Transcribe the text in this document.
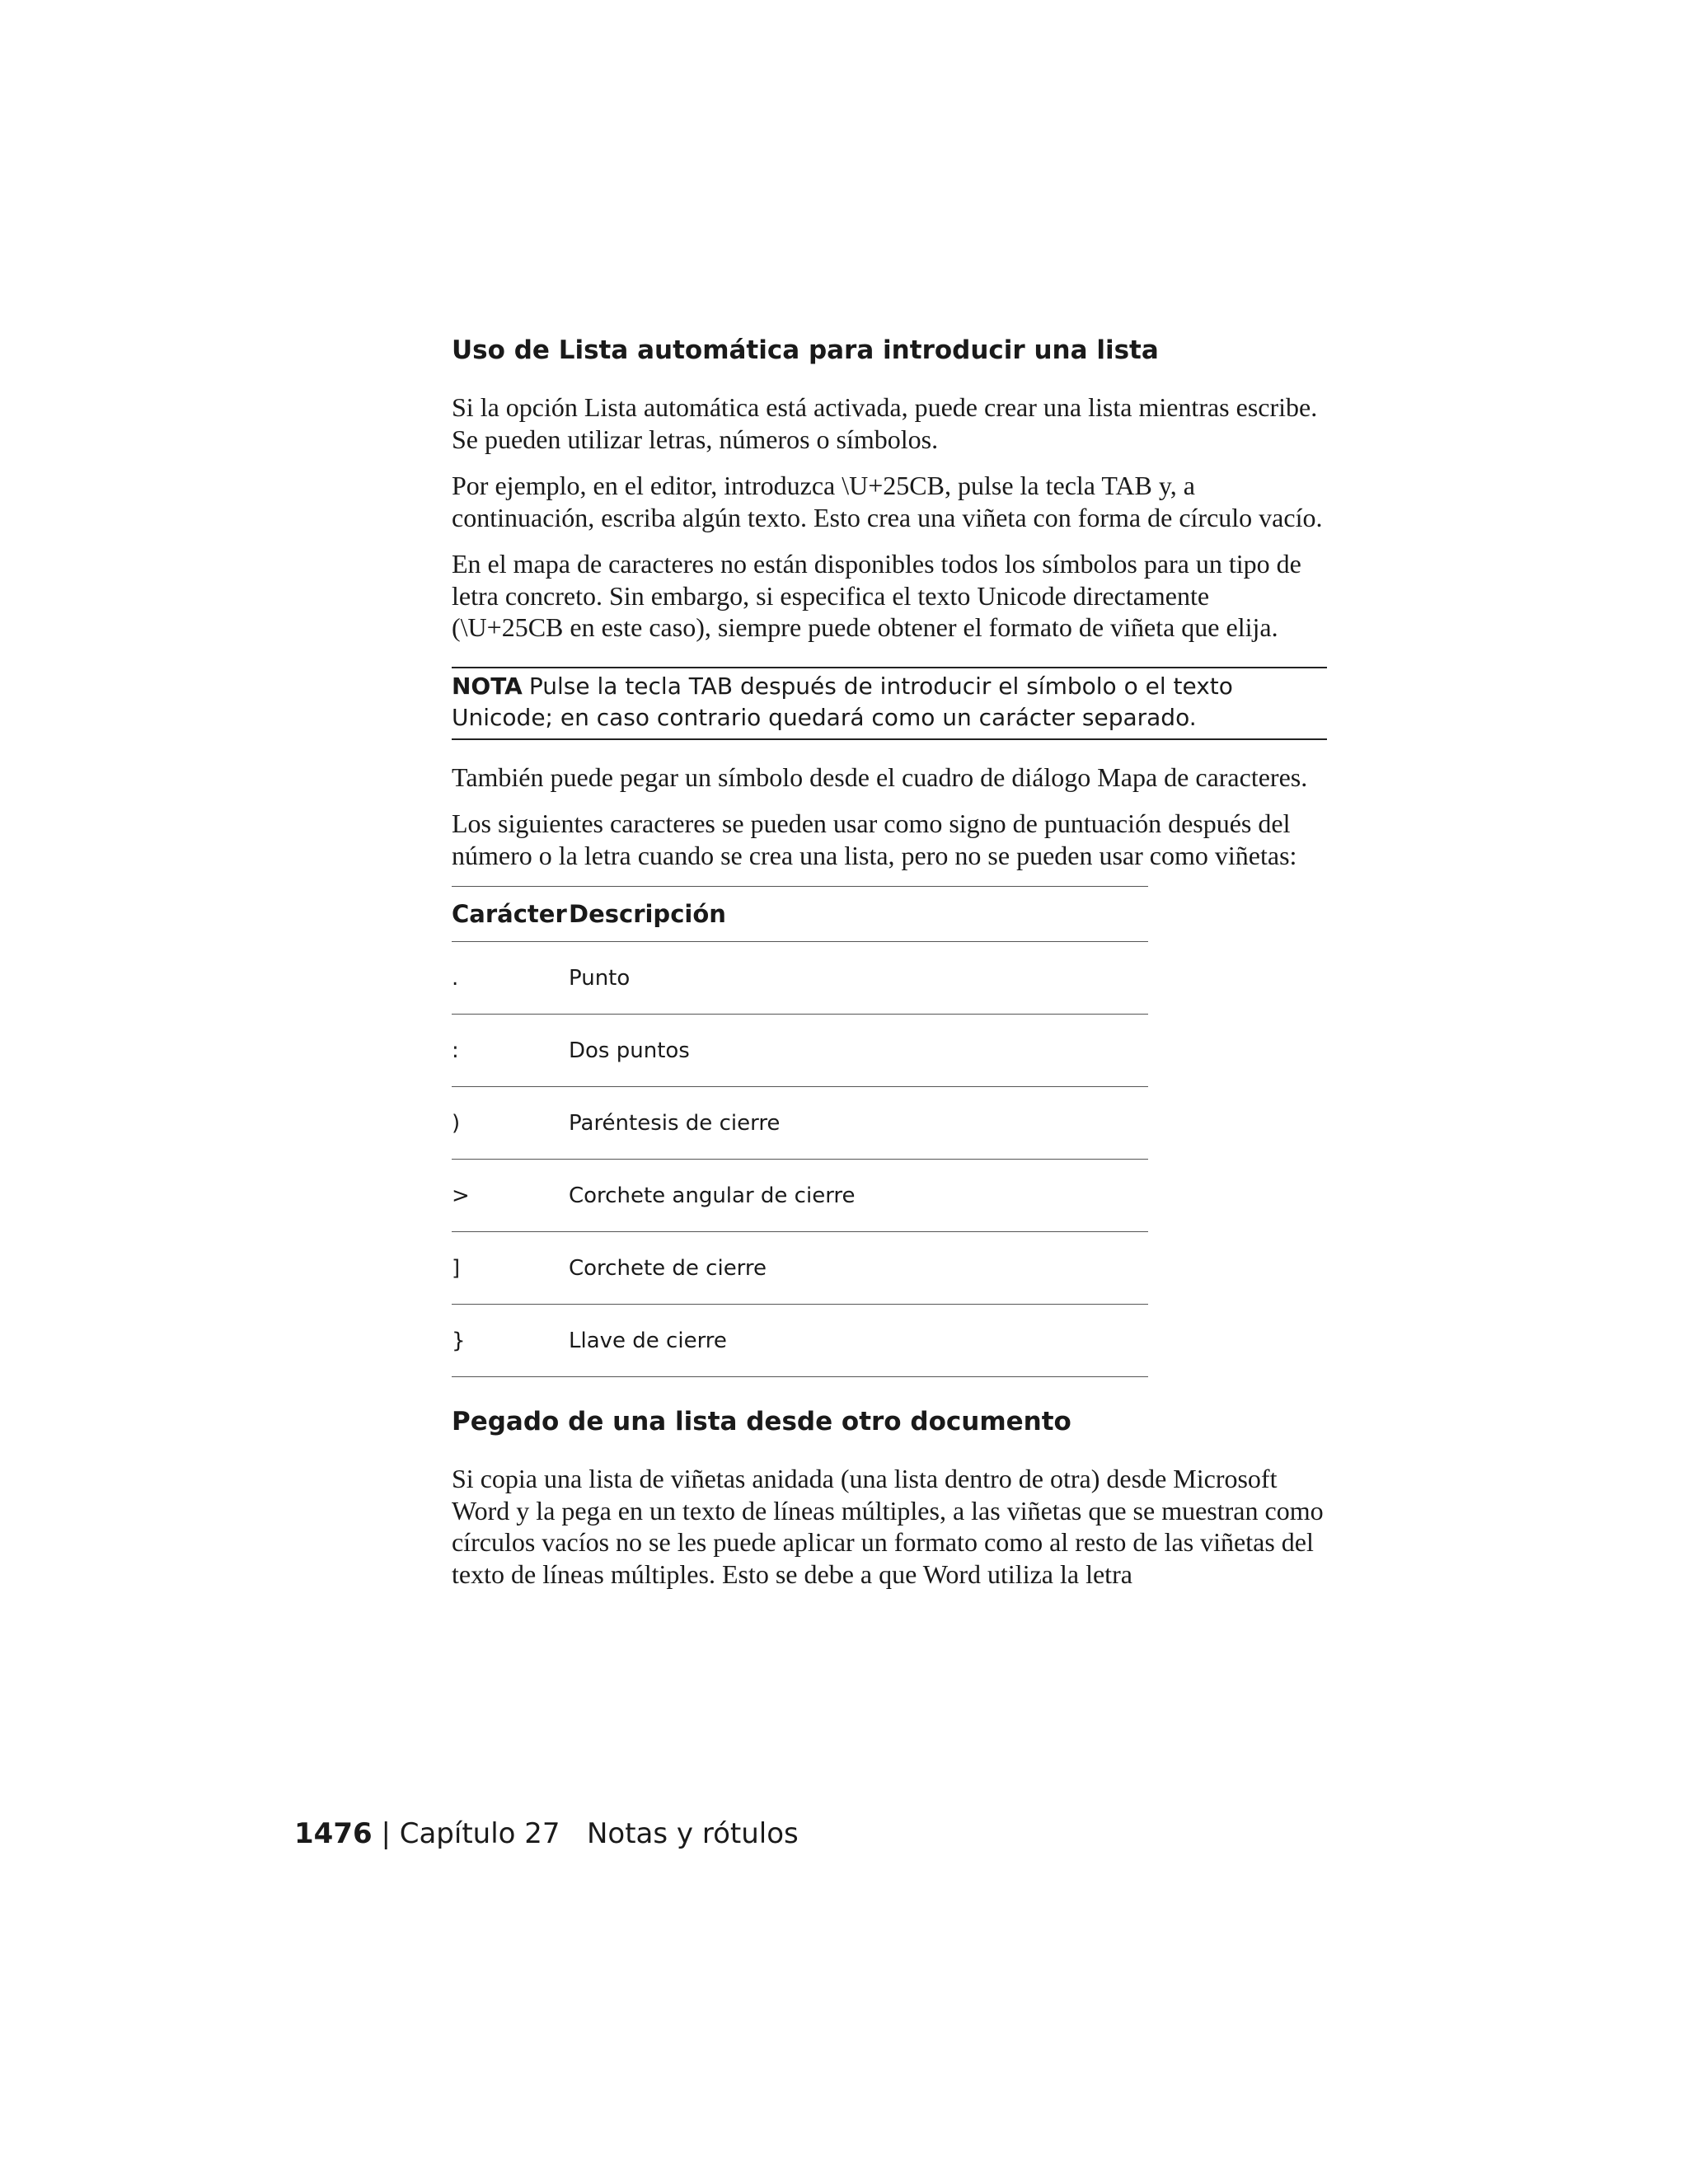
Uso de Lista automática para introducir una lista
Si la opción Lista automática está activada, puede crear una lista mientras escribe. Se pueden utilizar letras, números o símbolos.
Por ejemplo, en el editor, introduzca \U+25CB, pulse la tecla TAB y, a continuación, escriba algún texto. Esto crea una viñeta con forma de círculo vacío.
En el mapa de caracteres no están disponibles todos los símbolos para un tipo de letra concreto. Sin embargo, si especifica el texto Unicode directamente (\U+25CB en este caso), siempre puede obtener el formato de viñeta que elija.
NOTA Pulse la tecla TAB después de introducir el símbolo o el texto Unicode; en caso contrario quedará como un carácter separado.
También puede pegar un símbolo desde el cuadro de diálogo Mapa de caracteres.
Los siguientes caracteres se pueden usar como signo de puntuación después del número o la letra cuando se crea una lista, pero no se pueden usar como viñetas:
Carácter	Descripción
.	Punto
:	Dos puntos
)	Paréntesis de cierre
>	Corchete angular de cierre
]	Corchete de cierre
}	Llave de cierre
Pegado de una lista desde otro documento
Si copia una lista de viñetas anidada (una lista dentro de otra) desde Microsoft Word y la pega en un texto de líneas múltiples, a las viñetas que se muestran como círculos vacíos no se les puede aplicar un formato como al resto de las viñetas del texto de líneas múltiples. Esto se debe a que Word utiliza la letra
1476 | Capítulo 27 Notas y rótulos
